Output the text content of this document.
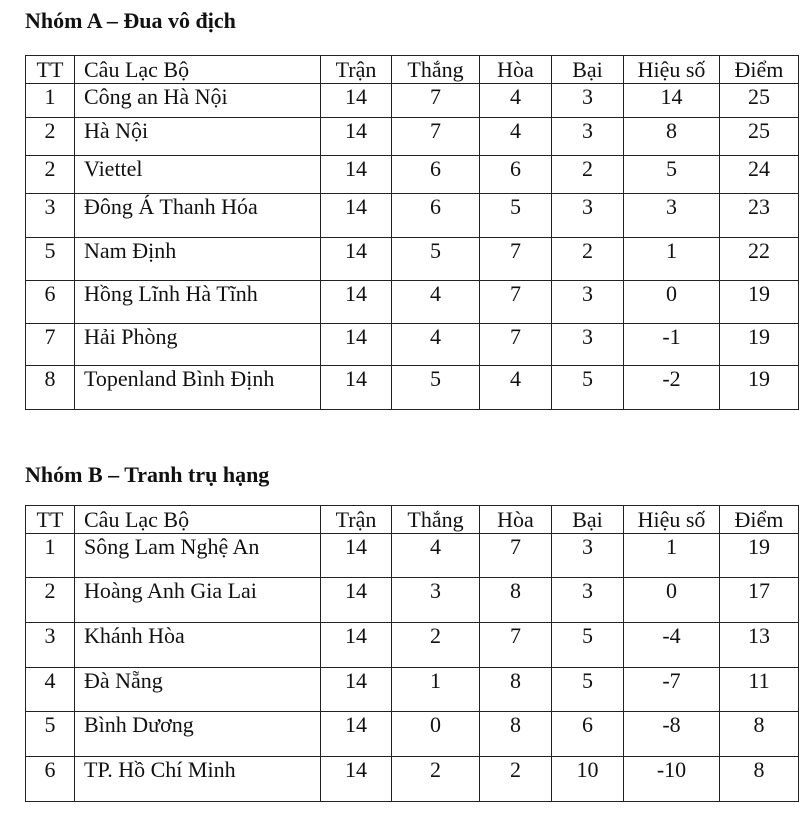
Nhóm A – Đua vô địch
TT	Câu Lạc Bộ	Trận	Thắng	Hòa	Bại	Hiệu số	Điểm
1	Công an Hà Nội	14	7	4	3	14	25
2	Hà Nội	14	7	4	3	8	25
2	Viettel	14	6	6	2	5	24
3	Đông Á Thanh Hóa	14	6	5	3	3	23
5	Nam Định	14	5	7	2	1	22
6	Hồng Lĩnh Hà Tĩnh	14	4	7	3	0	19
7	Hải Phòng	14	4	7	3	-1	19
8	Topenland Bình Định	14	5	4	5	-2	19
Nhóm B – Tranh trụ hạng
TT	Câu Lạc Bộ	Trận	Thắng	Hòa	Bại	Hiệu số	Điểm
1	Sông Lam Nghệ An	14	4	7	3	1	19
2	Hoàng Anh Gia Lai	14	3	8	3	0	17
3	Khánh Hòa	14	2	7	5	-4	13
4	Đà Nẵng	14	1	8	5	-7	11
5	Bình Dương	14	0	8	6	-8	8
6	TP. Hồ Chí Minh	14	2	2	10	-10	8
